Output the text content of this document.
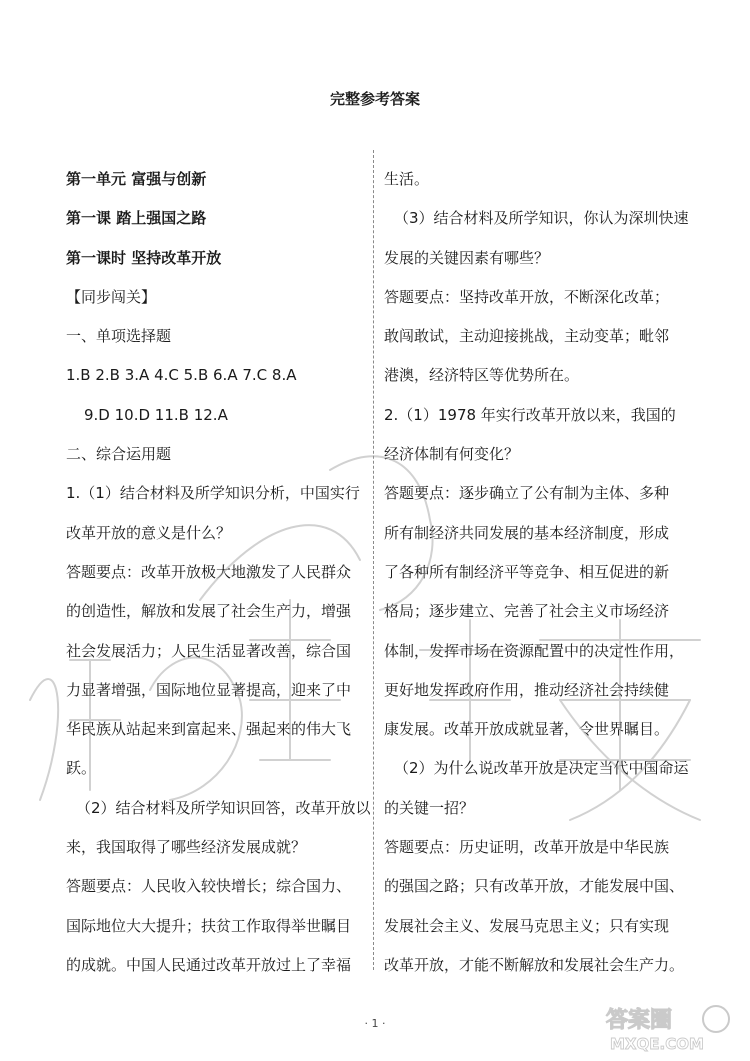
完整参考答案
第一单元 富强与创新
第一课 踏上强国之路
第一课时 坚持改革开放
【同步闯关】
一、单项选择题
1.B 2.B 3.A 4.C 5.B 6.A 7.C 8.A
9.D 10.D 11.B 12.A
二、综合运用题
1.（1）结合材料及所学知识分析，中国实行
改革开放的意义是什么？
答题要点：改革开放极大地激发了人民群众
的创造性，解放和发展了社会生产力，增强
社会发展活力；人民生活显著改善，综合国
力显著增强，国际地位显著提高，迎来了中
华民族从站起来到富起来、强起来的伟大飞
跃。
（2）结合材料及所学知识回答，改革开放以
来，我国取得了哪些经济发展成就？
答题要点：人民收入较快增长；综合国力、
国际地位大大提升；扶贫工作取得举世瞩目
的成就。中国人民通过改革开放过上了幸福
生活。
（3）结合材料及所学知识，你认为深圳快速
发展的关键因素有哪些？
答题要点：坚持改革开放，不断深化改革；
敢闯敢试，主动迎接挑战，主动变革；毗邻
港澳，经济特区等优势所在。
2.（1）1978 年实行改革开放以来，我国的
经济体制有何变化？
答题要点：逐步确立了公有制为主体、多种
所有制经济共同发展的基本经济制度，形成
了各种所有制经济平等竞争、相互促进的新
格局；逐步建立、完善了社会主义市场经济
体制，发挥市场在资源配置中的决定性作用，
更好地发挥政府作用，推动经济社会持续健
康发展。改革开放成就显著，令世界瞩目。
（2）为什么说改革开放是决定当代中国命运
的关键一招？
答题要点：历史证明，改革开放是中华民族
的强国之路；只有改革开放，才能发展中国、
发展社会主义、发展马克思主义；只有实现
改革开放，才能不断解放和发展社会生产力。
· 1 ·	答案圈
MXQE.COM
